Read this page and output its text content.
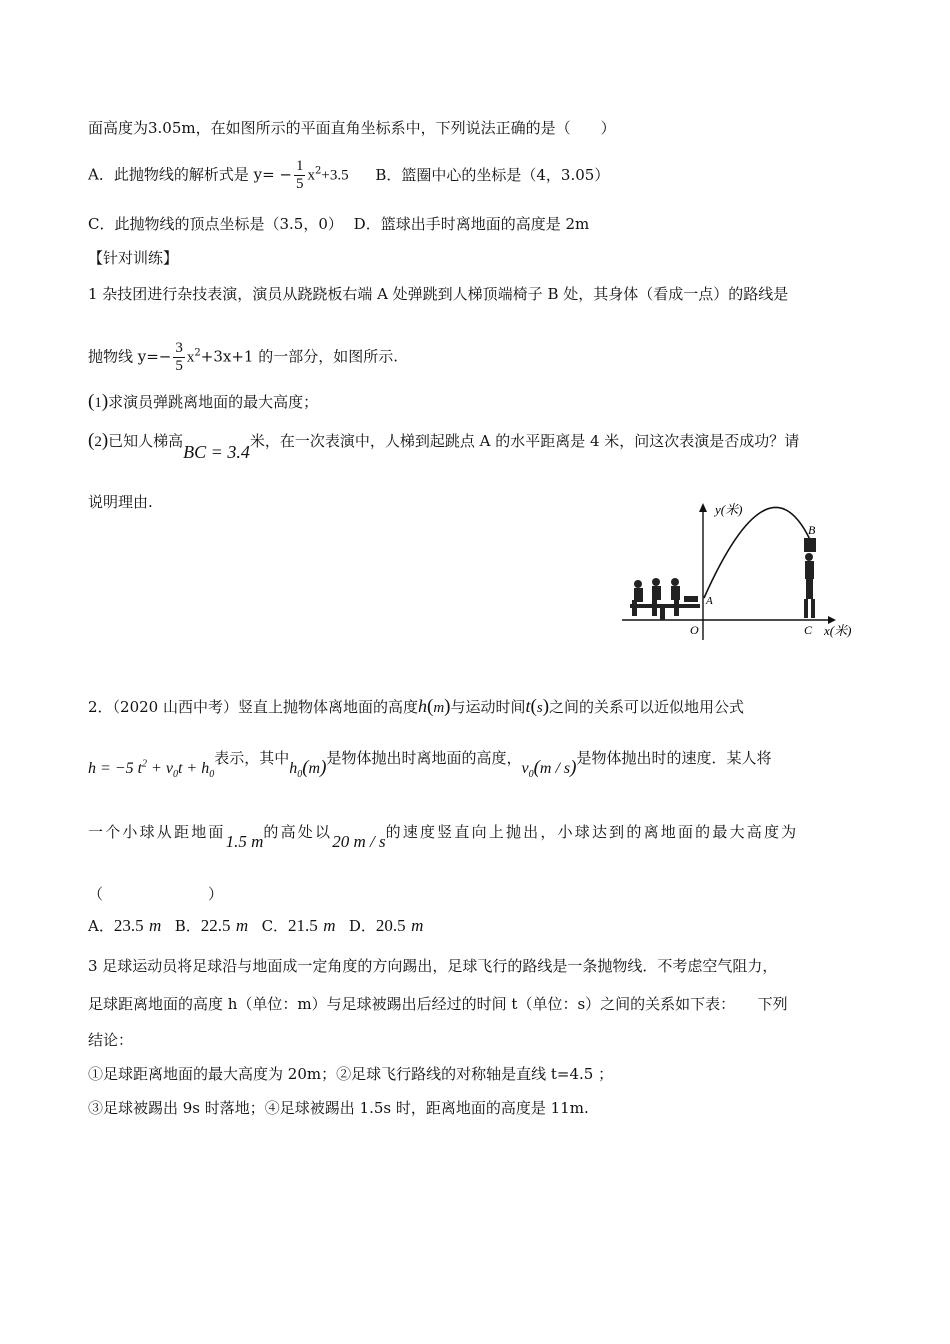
面高度为3.05m，在如图所示的平面直角坐标系中，下列说法正确的是（　　）
A．此抛物线的解析式是 $y= - \frac{1}{5} x^2+3.5$ B．篮圈中心的坐标是（4，3.05）
C．此抛物线的顶点坐标是（3.5，0） D．篮球出手时离地面的高度是 2m
【针对训练】
1 杂技团进行杂技表演，演员从跷跷板右端 A 处弹跳到人梯顶端椅子 B 处，其身体（看成一点）的路线是
抛物线 $y=- \frac{3}{5} x^2+3x+1$ 的一部分，如图所示.
(1)求演员弹跳离地面的最大高度；
(2)已知人梯高BC = 3.4米，在一次表演中，人梯到起跳点 A 的水平距离是 4 米，问这次表演是否成功？请
说明理由.	y(米)
x(米)
O
A
B
C
2．（2020 山西中考）竖直上抛物体离地面的高度h(m)与运动时间t(s)之间的关系可以近似地用公式
h = −5 $t^2 + v_0t + h_0$表示，其中$h_0(m)$是物体抛出时离地面的高度，$v_0(m / s)$是物体抛出时的速度．某人将
一个小球从距地面1.5 m的高处以20 m / s的速度竖直向上抛出，小球达到的离地面的最大高度为
（　　　　　　　）
A．23.5 m B．22.5 m C．21.5 m D．20.5 m
3 足球运动员将足球沿与地面成一定角度的方向踢出，足球飞行的路线是一条抛物线．不考虑空气阻力，
足球距离地面的高度 h（单位：m）与足球被踢出后经过的时间 t（单位：s）之间的关系如下表：　　下列
结论：
①足球距离地面的最大高度为 20m；②足球飞行路线的对称轴是直线 t=4.5 ；
③足球被踢出 9s 时落地；④足球被踢出 1.5s 时，距离地面的高度是 11m.
